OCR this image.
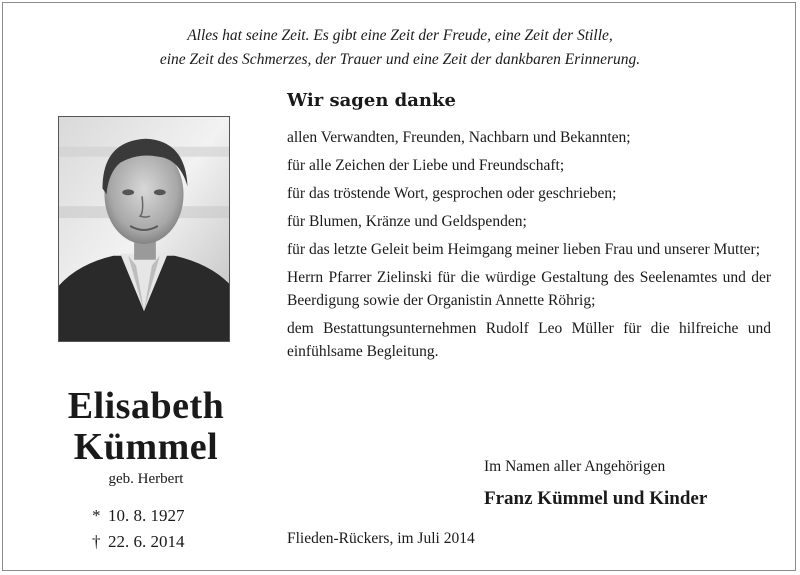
Alles hat seine Zeit. Es gibt eine Zeit der Freude, eine Zeit der Stille,
eine Zeit des Schmerzes, der Trauer und eine Zeit der dankbaren Erinnerung.
Elisabeth
Kümmel
geb. Herbert
* 10. 8. 1927
† 22. 6. 2014
Wir sagen danke

allen Verwandten, Freunden, Nachbarn und Bekannten;

für alle Zeichen der Liebe und Freundschaft;

für das tröstende Wort, gesprochen oder geschrieben;

für Blumen, Kränze und Geldspenden;

für das letzte Geleit beim Heimgang meiner lieben Frau und unserer Mutter;

Herrn Pfarrer Zielinski für die würdige Gestaltung des Seelenamtes und der Beerdigung sowie der Organistin Annette Röhrig;

dem Bestattungsunternehmen Rudolf Leo Müller für die hilfreiche und einfühlsame Begleitung.

Im Namen aller Angehörigen
Franz Kümmel und Kinder
Flieden-Rückers, im Juli 2014
